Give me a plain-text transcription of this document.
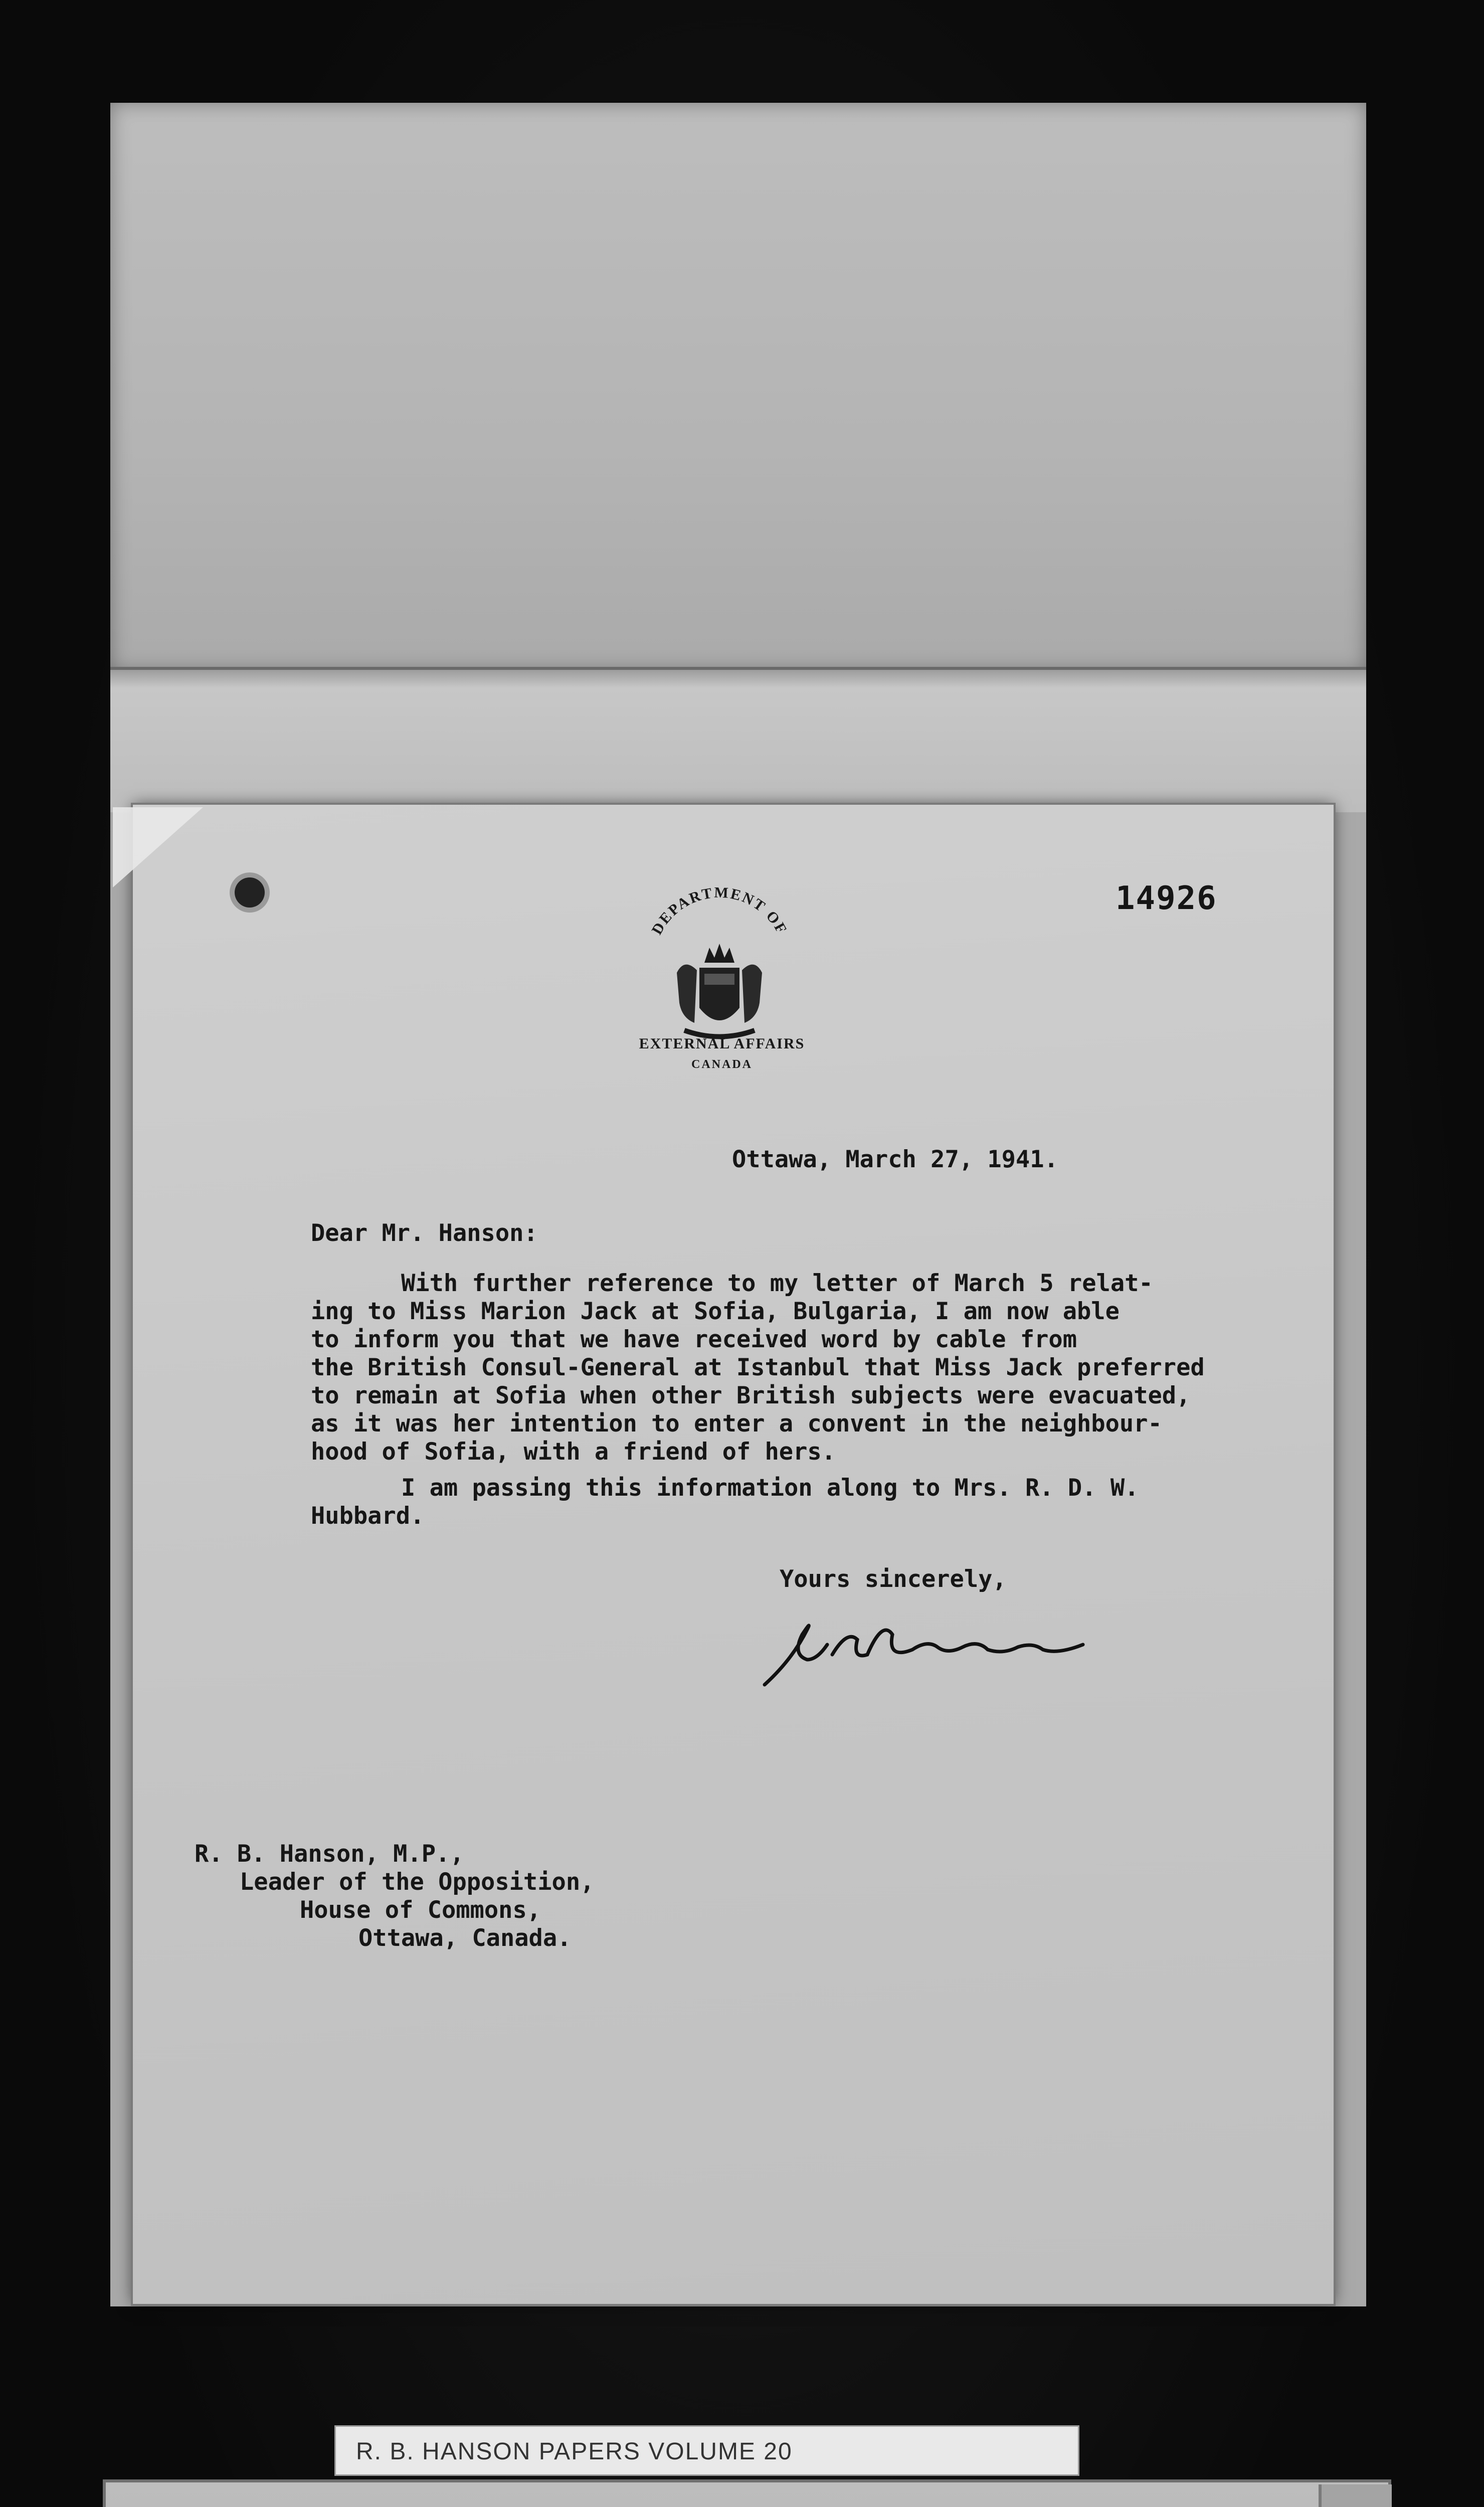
14926
DEPARTMENT OF
EXTERNAL AFFAIRS
CANADA
Ottawa, March 27, 1941.
Dear Mr. Hanson:
With further reference to my letter of March 5 relat-
ing to Miss Marion Jack at Sofia, Bulgaria, I am now able
to inform you that we have received word by cable from
the British Consul-General at Istanbul that Miss Jack preferred
to remain at Sofia when other British subjects were evacuated,
as it was her intention to enter a convent in the neighbour-
hood of Sofia, with a friend of hers.
I am passing this information along to Mrs. R. D. W.
Hubbard.
Yours sincerely,
R. B. Hanson, M.P.,
Leader of the Opposition,
House of Commons,
Ottawa, Canada.
R. B. HANSON PAPERS VOLUME 20
